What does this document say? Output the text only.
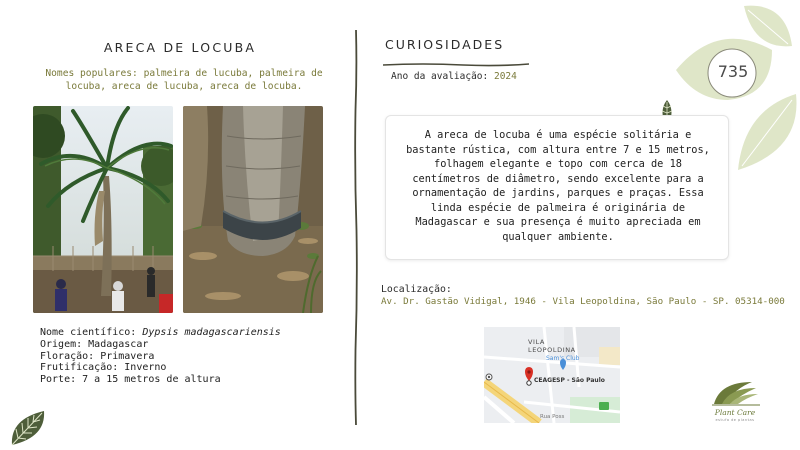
ARECA DE LOCUBA
Nomes populares: palmeira de lucuba, palmeira de locuba, areca de lucuba, areca de locuba.
Nome científico: Dypsis madagascariensis
Origem: Madagascar
Floração: Primavera
Frutificação: Inverno
Porte: 7 a 15 metros de altura
CURIOSIDADES
Ano da avaliação: 2024
A areca de locuba é uma espécie solitária e bastante rústica, com altura entre 7 e 15 metros, folhagem elegante e topo com cerca de 18 centímetros de diâmetro, sendo excelente para a ornamentação de jardins, parques e praças. Essa linda espécie de palmeira é originária de Madagascar e sua presença é muito apreciada em qualquer ambiente.
Localização:
Av. Dr. Gastão Vidigal, 1946 - Vila Leopoldina, São Paulo - SP. 05314-000
VILA LEOPOLDINA
Sam's Club
CEAGESP - São Paulo
Rua Poss
735
Plant Care
estufa de plantas
